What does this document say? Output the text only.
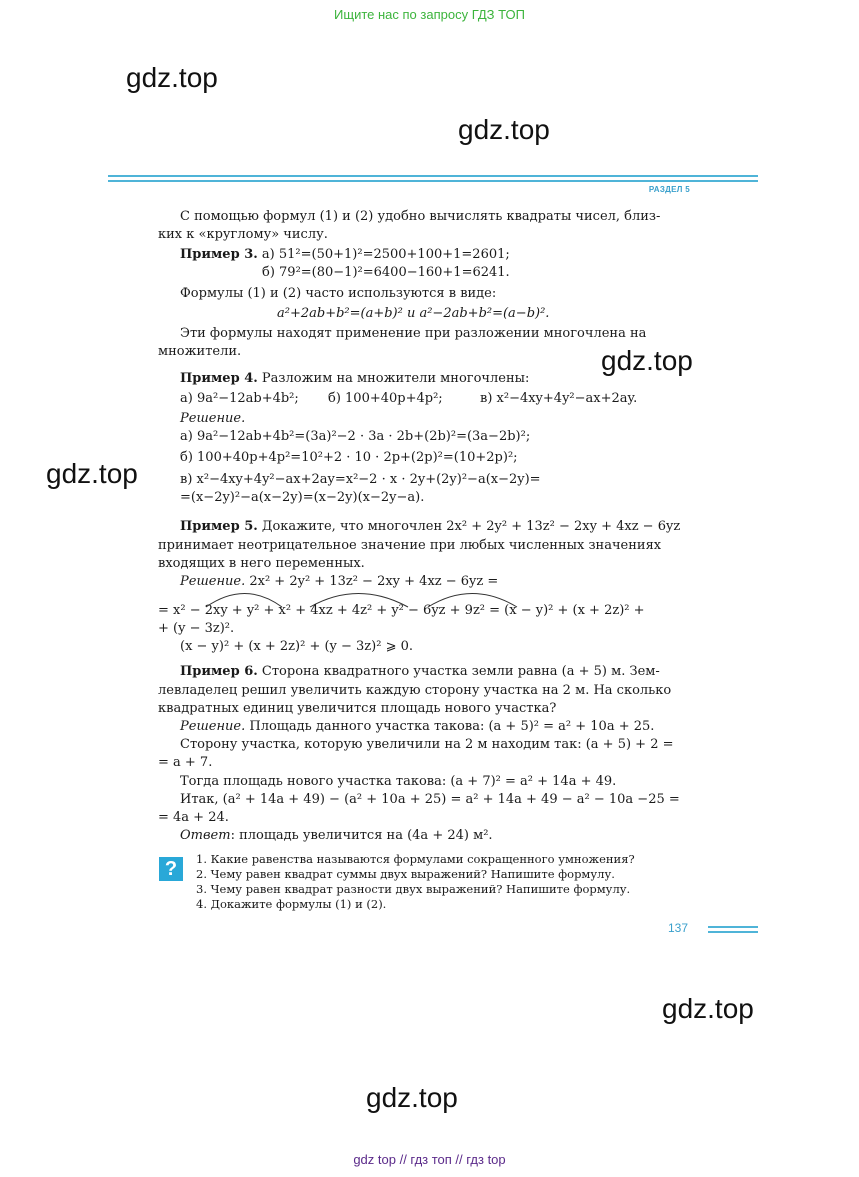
Ищите нас по запросу ГДЗ ТОП
gdz.top
gdz.top
gdz.top
gdz.top
gdz.top
gdz.top
РАЗДЕЛ 5
С помощью формул (1) и (2) удобно вычислять квадраты чисел, близ-
ких к «круглому» числу.
Пример 3. а) 51²=(50+1)²=2500+100+1=2601;
б) 79²=(80−1)²=6400−160+1=6241.
Формулы (1) и (2) часто используются в виде:
a²+2ab+b²=(a+b)² и a²−2ab+b²=(a−b)².
Эти формулы находят применение при разложении многочлена на
множители.
Пример 4. Разложим на множители многочлены:
а) 9a²−12ab+4b²; б) 100+40p+4p²;	в) x²−4xy+4y²−ax+2ay.
Решение.
а) 9a²−12ab+4b²=(3a)²−2 · 3a · 2b+(2b)²=(3a−2b)²;
б) 100+40p+4p²=10²+2 · 10 · 2p+(2p)²=(10+2p)²;
в) x²−4xy+4y²−ax+2ay=x²−2 · x · 2y+(2y)²−a(x−2y)=
=(x−2y)²−a(x−2y)=(x−2y)(x−2y−a).
Пример 5. Докажите, что многочлен 2x² + 2y² + 13z² − 2xy + 4xz − 6yz
принимает неотрицательное значение при любых численных значениях
входящих в него переменных.
Решение. 2x² + 2y² + 13z² − 2xy + 4xz − 6yz =
= x² − 2xy + y² + x² + 4xz + 4z² + y² − 6yz + 9z² = (x − y)² + (x + 2z)² +
+ (y − 3z)².
(x − y)² + (x + 2z)² + (y − 3z)² ⩾ 0.
Пример 6. Сторона квадратного участка земли равна (a + 5) м. Зем-
левладелец решил увеличить каждую сторону участка на 2 м. На сколько
квадратных единиц увеличится площадь нового участка?
Решение. Площадь данного участка такова: (a + 5)² = a² + 10a + 25.
Сторону участка, которую увеличили на 2 м находим так: (a + 5) + 2 =
= a + 7.
Тогда площадь нового участка такова: (a + 7)² = a² + 14a + 49.
Итак, (a² + 14a + 49) − (a² + 10a + 25) = a² + 14a + 49 − a² − 10a −25 =
= 4a + 24.
Ответ: площадь увеличится на (4a + 24) м².
?	1. Какие равенства называются формулами сокращенного умножения?
2. Чему равен квадрат суммы двух выражений? Напишите формулу.
3. Чему равен квадрат разности двух выражений? Напишите формулу.
4. Докажите формулы (1) и (2).
137
gdz top // гдз топ // гдз top
